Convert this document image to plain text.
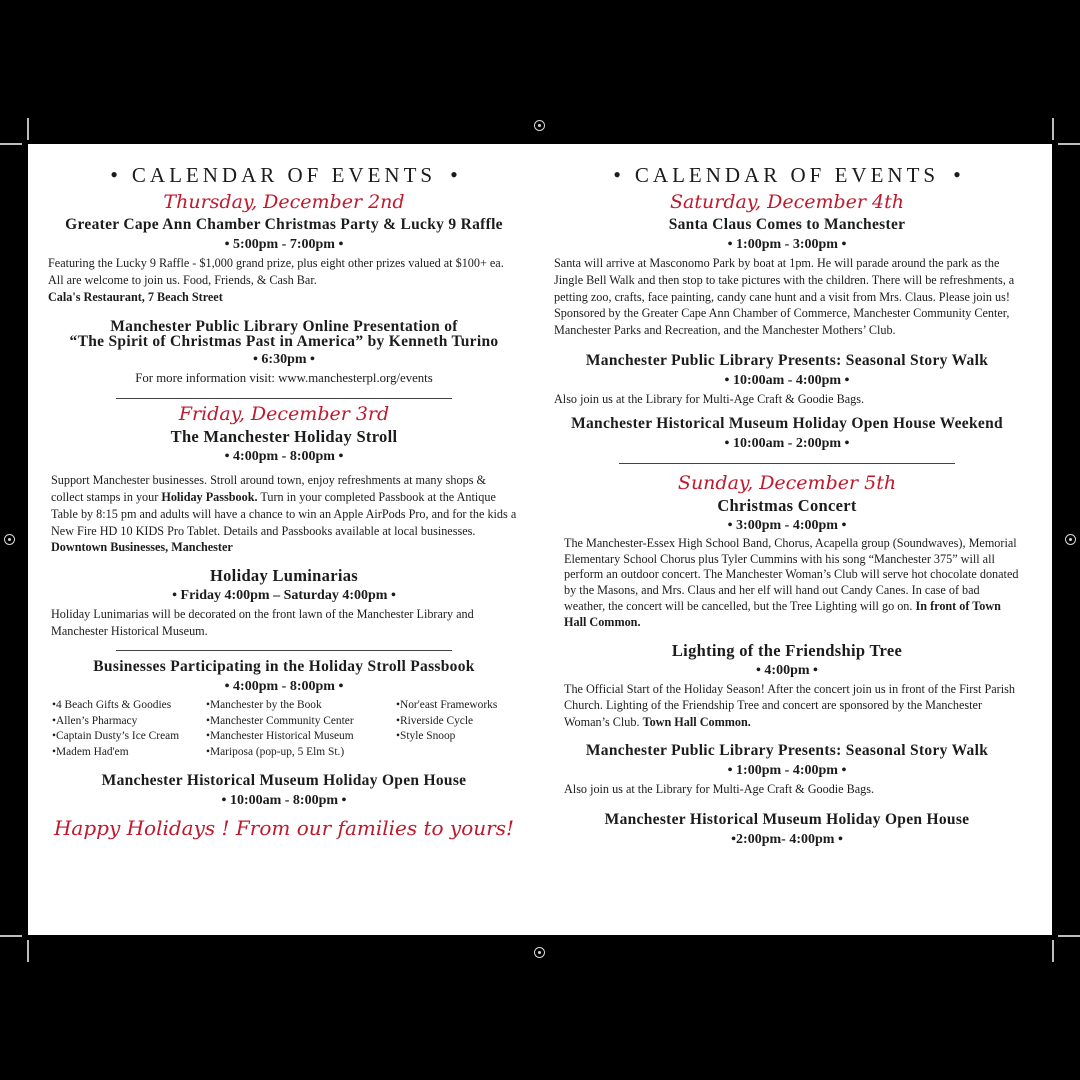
• CALENDAR OF EVENTS •
Thursday, December 2nd

Greater Cape Ann Chamber Christmas Party & Lucky 9 Raffle

• 5:00pm - 7:00pm •

Featuring the Lucky 9 Raffle - $1,000 grand prize, plus eight other prizes valued at $100+ ea. All are welcome to join us. Food, Friends, & Cash Bar.
Cala's Restaurant, 7 Beach Street

Manchester Public Library Online Presentation of
“The Spirit of Christmas Past in America” by Kenneth Turino

• 6:30pm •

For more information visit: www.manchesterpl.org/events

Friday, December 3rd

The Manchester Holiday Stroll

• 4:00pm - 8:00pm •

Support Manchester businesses. Stroll around town, enjoy refreshments at many shops & collect stamps in your Holiday Passbook. Turn in your completed Passbook at the Antique Table by 8:15 pm and adults will have a chance to win an Apple AirPods Pro, and for the kids a New Fire HD 10 KIDS Pro Tablet. Details and Passbooks available at local businesses. Downtown Businesses, Manchester

Holiday Luminarias

• Friday 4:00pm – Saturday 4:00pm •

Holiday Lunimarias will be decorated on the front lawn of the Manchester Library and Manchester Historical Museum.

Businesses Participating in the Holiday Stroll Passbook

• 4:00pm - 8:00pm •

• 4 Beach Gifts & Goodies
• Allen’s Pharmacy
• Captain Dusty’s Ice Cream
• Madem Had'em
• Manchester by the Book
• Manchester Community Center
• Manchester Historical Museum
• Mariposa (pop-up, 5 Elm St.)
• Nor'east Frameworks
• Riverside Cycle
• Style Snoop

Manchester Historical Museum Holiday Open House

• 10:00am - 8:00pm •

Happy Holidays ! From our families to yours!

• CALENDAR OF EVENTS •
Saturday, December 4th

Santa Claus Comes to Manchester

• 1:00pm - 3:00pm •

Santa will arrive at Masconomo Park by boat at 1pm. He will parade around the park as the Jingle Bell Walk and then stop to take pictures with the children. There will be refreshments, a petting zoo, crafts, face painting, candy cane hunt and a visit from Mrs. Claus. Please join us! Sponsored by the Greater Cape Ann Chamber of Commerce, Manchester Community Center, Manchester Parks and Recreation, and the Manchester Mothers’ Club.

Manchester Public Library Presents: Seasonal Story Walk

• 10:00am - 4:00pm •

Also join us at the Library for Multi-Age Craft & Goodie Bags.

Manchester Historical Museum Holiday Open House Weekend

• 10:00am - 2:00pm •

Sunday, December 5th

Christmas Concert

• 3:00pm - 4:00pm •

The Manchester-Essex High School Band, Chorus, Acapella group (Soundwaves), Memorial Elementary School Chorus plus Tyler Cummins with his song “Manchester 375” will all perform an outdoor concert. The Manchester Woman’s Club will serve hot chocolate donated by the Masons, and Mrs. Claus and her elf will hand out Candy Canes. In case of bad weather, the concert will be cancelled, but the Tree Lighting will go on. In front of Town Hall Common.

Lighting of the Friendship Tree

• 4:00pm •

The Official Start of the Holiday Season! After the concert join us in front of the First Parish Church. Lighting of the Friendship Tree and concert are sponsored by the Manchester Woman’s Club. Town Hall Common.

Manchester Public Library Presents: Seasonal Story Walk

• 1:00pm - 4:00pm •

Also join us at the Library for Multi-Age Craft & Goodie Bags.

Manchester Historical Museum Holiday Open House

•2:00pm- 4:00pm •
